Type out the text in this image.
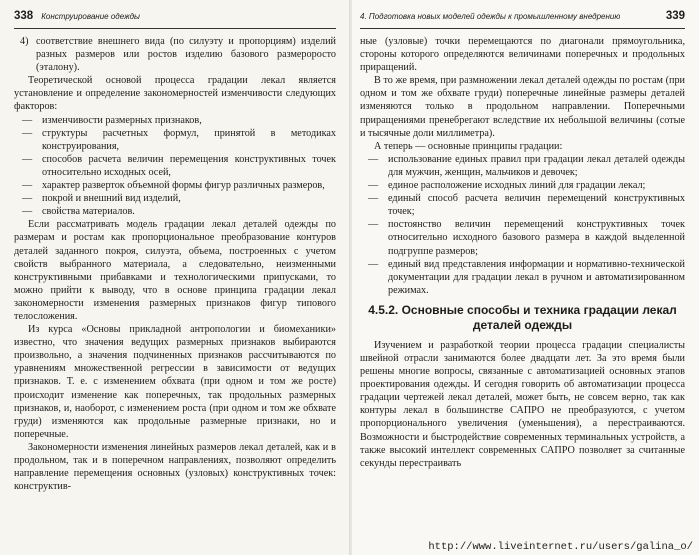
338 Конструирование одежды

4) соответствие внешнего вида (по силуэту и пропорциям) изделий разных размеров или ростов изделию базового размероросто (эталону).

Теоретической основой процесса градации лекал является установление и определение закономерностей изменчивости следующих факторов:

— изменчивости размерных признаков,

— структуры расчетных формул, принятой в методиках конструирования,

— способов расчета величин перемещения конструктивных точек относительно исходных осей,

— характер разверток объемной формы фигур различных размеров,

— покрой и внешний вид изделий,

— свойства материалов.

Если рассматривать модель градации лекал деталей одежды по размерам и ростам как пропорциональное преобразование контуров деталей заданного покроя, силуэта, объема, построенных с учетом свойств выбранного материала, а следовательно, неизменными конструктивными прибавками и технологическими припусками, то можно прийти к выводу, что в основе принципа градации лекал закономерности изменения размерных признаков фигур типового телосложения.

Из курса «Основы прикладной антропологии и биомеханики» известно, что значения ведущих размерных признаков выбираются произвольно, а значения подчиненных признаков рассчитываются по уравнениям множественной регрессии в зависимости от ведущих признаков. Т. е. с изменением обхвата (при одном и том же росте) происходит изменение как поперечных, так продольных размерных признаков, и, наоборот, с изменением роста (при одном и том же обхвате груди) изменяются как продольные размерные признаки, но и поперечные.

Закономерности изменения линейных размеров лекал деталей, как и в продольном, так и в поперечном направлениях, позволяют определить направление перемещения основных (узловых) конструктивных точек: конструктив-

4. Подготовка новых моделей одежды к промышленному внедрению	339

ные (узловые) точки перемещаются по диагонали прямоугольника, стороны которого определяются величинами поперечных и продольных приращений.

В то же время, при размножении лекал деталей одежды по ростам (при одном и том же обхвате груди) поперечные линейные размеры деталей изменяются только в продольном направлении. Поперечными приращениями пренебрегают вследствие их небольшой величины (сотые и тысячные доли миллиметра).

А теперь — основные принципы градации:

— использование единых правил при градации лекал деталей одежды для мужчин, женщин, мальчиков и девочек;

— единое расположение исходных линий для градации лекал;

— единый способ расчета величин перемещений конструктивных точек;

— постоянство величин перемещений конструктивных точек относительно исходного базового размера в каждой выделенной подгруппе размеров;

— единый вид представления информации и нормативно-технической документации для градации лекал в ручном и автоматизированном режимах.

4.5.2. Основные способы и техника градации лекал деталей одежды

Изучением и разработкой теории процесса градации специалисты швейной отрасли занимаются более двадцати лет. За это время были решены многие вопросы, связанные с автоматизацией основных этапов проектирования одежды. И сегодня говорить об автоматизации процесса градации чертежей лекал деталей, может быть, не совсем верно, так как контуры лекал в большинстве САПРО не преобразуются, с учетом пропорционального увеличения (уменьшения), а перестраиваются. Возможности и быстродействие современных терминальных устройств, а также высокий интеллект современных САПРО позволяет за считанные секунды перестраивать

http://www.liveinternet.ru/users/galina_o/
